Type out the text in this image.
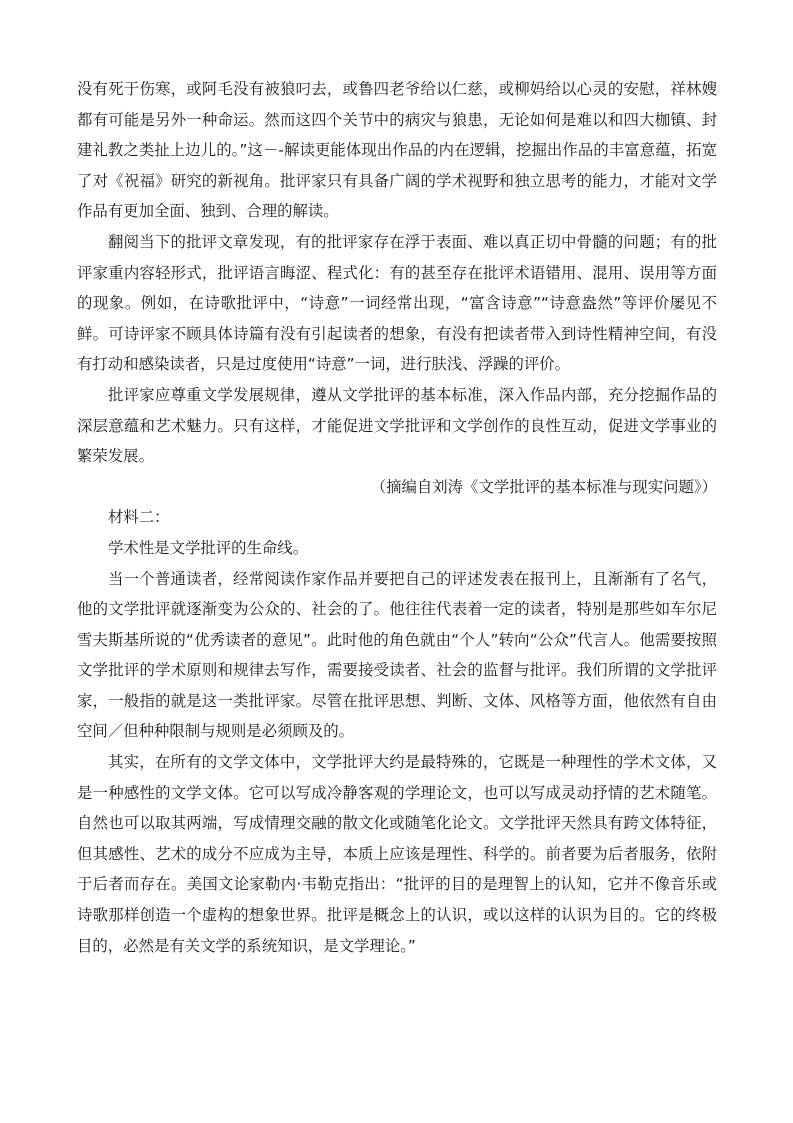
没有死于伤寒，或阿毛没有被狼叼去，或鲁四老爷给以仁慈，或柳妈给以心灵的安慰，祥林嫂都有可能是另外一种命运。然而这四个关节中的病灾与狼患，无论如何是难以和四大枷镇、封建礼教之类扯上边儿的。”这－-解读更能体现出作品的内在逻辑，挖掘出作品的丰富意蕴，拓宽了对《祝福》研究的新视角。批评家只有具备广阔的学术视野和独立思考的能力，才能对文学作品有更加全面、独到、合理的解读。

翻阅当下的批评文章发现，有的批评家存在浮于表面、难以真正切中骨髓的问题；有的批评家重内容轻形式，批评语言晦涩、程式化：有的甚至存在批评术语错用、混用、误用等方面的现象。例如，在诗歌批评中，“诗意”一词经常出现，“富含诗意”“诗意盎然”等评价屡见不鲜。可诗评家不顾具体诗篇有没有引起读者的想象，有没有把读者带入到诗性精神空间，有没有打动和感染读者，只是过度使用“诗意”一词，进行肤浅、浮躁的评价。

批评家应尊重文学发展规律，遵从文学批评的基本标准，深入作品内部，充分挖掘作品的深层意蕴和艺术魅力。只有这样，才能促进文学批评和文学创作的良性互动，促进文学事业的繁荣发展。

（摘编自刘涛《文学批评的基本标准与现实问题》）

材料二：

学术性是文学批评的生命线。

当一个普通读者，经常阅读作家作品并要把自己的评述发表在报刊上，且渐渐有了名气，他的文学批评就逐渐变为公众的、社会的了。他往往代表着一定的读者，特别是那些如车尔尼雪夫斯基所说的“优秀读者的意见”。此时他的角色就由“个人”转向“公众”代言人。他需要按照文学批评的学术原则和规律去写作，需要接受读者、社会的监督与批评。我们所谓的文学批评家，一般指的就是这一类批评家。尽管在批评思想、判断、文体、风格等方面，他依然有自由空间／但种种限制与规则是必须顾及的。

其实，在所有的文学文体中，文学批评大约是最特殊的，它既是一种理性的学术文体，又是一种感性的文学文体。它可以写成冷静客观的学理论文，也可以写成灵动抒情的艺术随笔。自然也可以取其两端，写成情理交融的散文化或随笔化论文。文学批评天然具有跨文体特征，但其感性、艺术的成分不应成为主导，本质上应该是理性、科学的。前者要为后者服务，依附于后者而存在。美国文论家勒内·韦勒克指出：“批评的目的是理智上的认知，它并不像音乐或诗歌那样创造一个虚构的想象世界。批评是概念上的认识，或以这样的认识为目的。它的终极目的，必然是有关文学的系统知识，是文学理论。”
